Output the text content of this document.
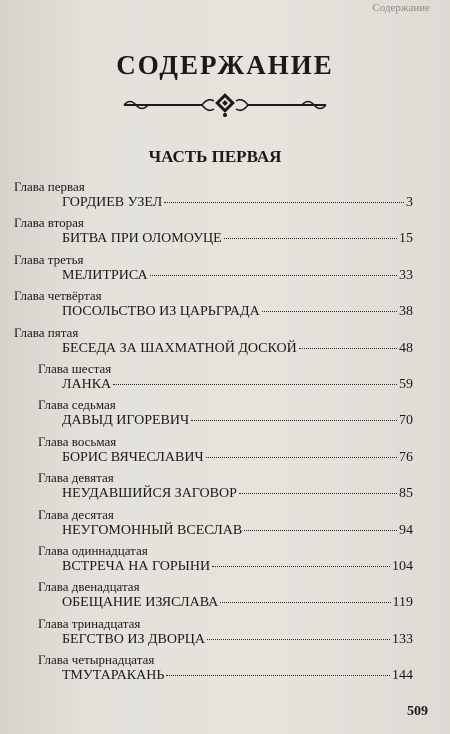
Содержание
СОДЕРЖАНИЕ
ЧАСТЬ ПЕРВАЯ
Глава первая
ГОРДИЕВ УЗЕЛ	3
Глава вторая
БИТВА ПРИ ОЛОМОУЦЕ	15
Глава третья
МЕЛИТРИСА	33
Глава четвёртая
ПОСОЛЬСТВО ИЗ ЦАРЬГРАДА	38
Глава пятая
БЕСЕДА ЗА ШАХМАТНОЙ ДОСКОЙ	48
Глава шестая
ЛАНКА	59
Глава седьмая
ДАВЫД ИГОРЕВИЧ	70
Глава восьмая
БОРИС ВЯЧЕСЛАВИЧ	76
Глава девятая
НЕУДАВШИЙСЯ ЗАГОВОР	85
Глава десятая
НЕУГОМОННЫЙ ВСЕСЛАВ	94
Глава одиннадцатая
ВСТРЕЧА НА ГОРЫНИ	104
Глава двенадцатая
ОБЕЩАНИЕ ИЗЯСЛАВА	119
Глава тринадцатая
БЕГСТВО ИЗ ДВОРЦА	133
Глава четырнадцатая
ТМУТАРАКАНЬ	144
509
